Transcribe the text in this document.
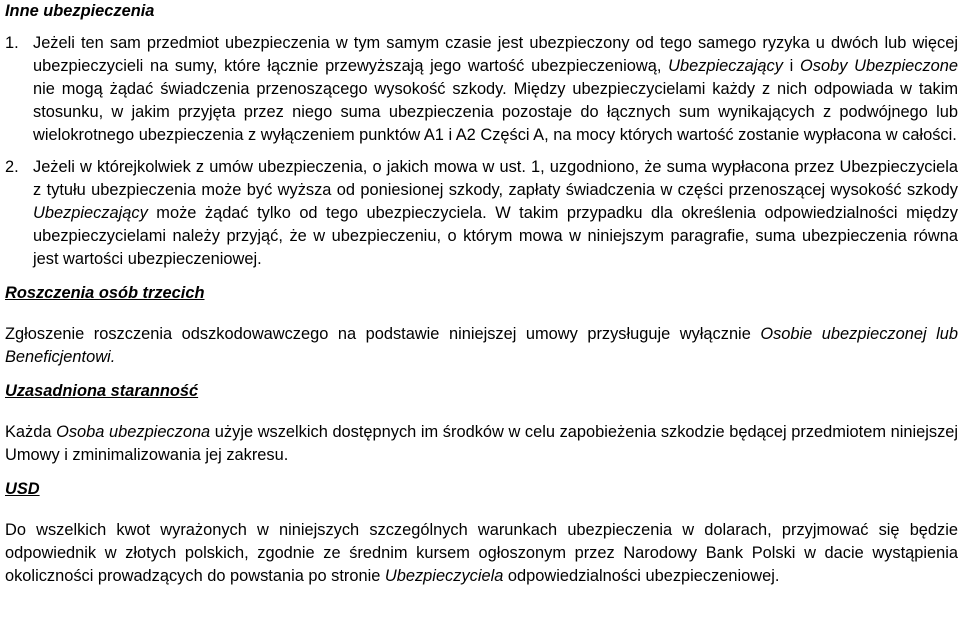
Inne ubezpieczenia
1. Jeżeli ten sam przedmiot ubezpieczenia w tym samym czasie jest ubezpieczony od tego samego ryzyka u dwóch lub więcej ubezpieczycieli na sumy, które łącznie przewyższają jego wartość ubezpieczeniową, Ubezpieczający i Osoby Ubezpieczone nie mogą żądać świadczenia przenoszącego wysokość szkody. Między ubezpieczycielami każdy z nich odpowiada w takim stosunku, w jakim przyjęta przez niego suma ubezpieczenia pozostaje do łącznych sum wynikających z podwójnego lub wielokrotnego ubezpieczenia z wyłączeniem punktów A1 i A2 Części A, na mocy których wartość zostanie wypłacona w całości.
2. Jeżeli w którejkolwiek z umów ubezpieczenia, o jakich mowa w ust. 1, uzgodniono, że suma wypłacona przez Ubezpieczyciela z tytułu ubezpieczenia może być wyższa od poniesionej szkody, zapłaty świadczenia w części przenoszącej wysokość szkody Ubezpieczający może żądać tylko od tego ubezpieczyciela. W takim przypadku dla określenia odpowiedzialności między ubezpieczycielami należy przyjąć, że w ubezpieczeniu, o którym mowa w niniejszym paragrafie, suma ubezpieczenia równa jest wartości ubezpieczeniowej.
Roszczenia osób trzecich
Zgłoszenie roszczenia odszkodowawczego na podstawie niniejszej umowy przysługuje wyłącznie Osobie ubezpieczonej lub Beneficjentowi.
Uzasadniona staranność
Każda Osoba ubezpieczona użyje wszelkich dostępnych im środków w celu zapobieżenia szkodzie będącej przedmiotem niniejszej Umowy i zminimalizowania jej zakresu.
USD
Do wszelkich kwot wyrażonych w niniejszych szczególnych warunkach ubezpieczenia w dolarach, przyjmować się będzie odpowiednik w złotych polskich, zgodnie ze średnim kursem ogłoszonym przez Narodowy Bank Polski w dacie wystąpienia okoliczności prowadzących do powstania po stronie Ubezpieczyciela odpowiedzialności ubezpieczeniowej.
